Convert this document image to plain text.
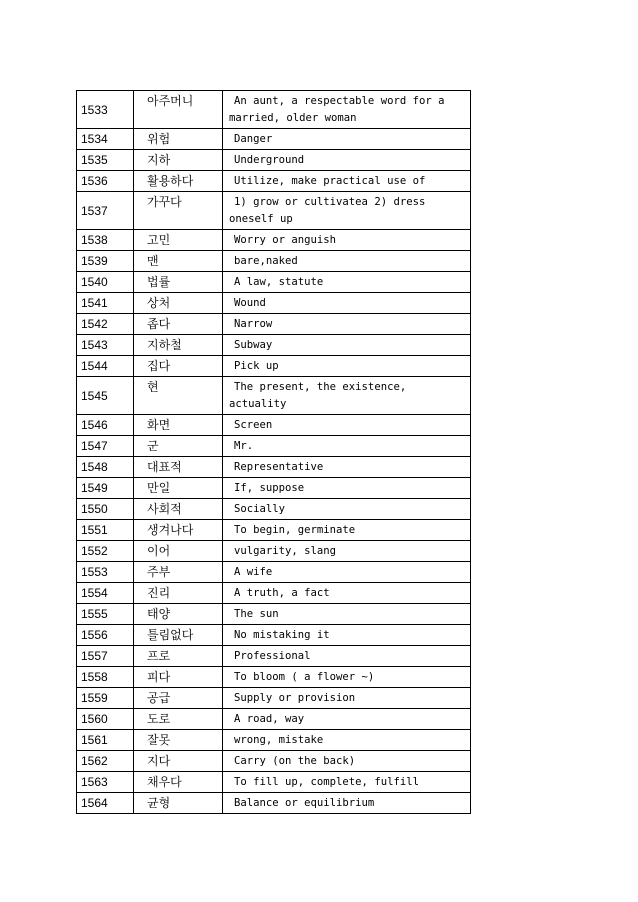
1533	아주머니	An aunt, a respectable word for a married, older woman
1534	위험	Danger
1535	지하	Underground
1536	활용하다	Utilize, make practical use of
1537	가꾸다	1) grow or cultivatea 2) dress oneself up
1538	고민	Worry or anguish
1539	맨	bare,naked
1540	법률	A law, statute
1541	상처	Wound
1542	좁다	Narrow
1543	지하철	Subway
1544	집다	Pick up
1545	현	The present, the existence, actuality
1546	화면	Screen
1547	군	Mr.
1548	대표적	Representative
1549	만일	If, suppose
1550	사회적	Socially
1551	생겨나다	To begin, germinate
1552	이어	vulgarity, slang
1553	주부	A wife
1554	진리	A truth, a fact
1555	태양	The sun
1556	틀림없다	No mistaking it
1557	프로	Professional
1558	피다	To bloom ( a flower ~)
1559	공급	Supply or provision
1560	도로	A road, way
1561	잘못	wrong, mistake
1562	지다	Carry (on the back)
1563	채우다	To fill up, complete, fulfill
1564	균형	Balance or equilibrium
